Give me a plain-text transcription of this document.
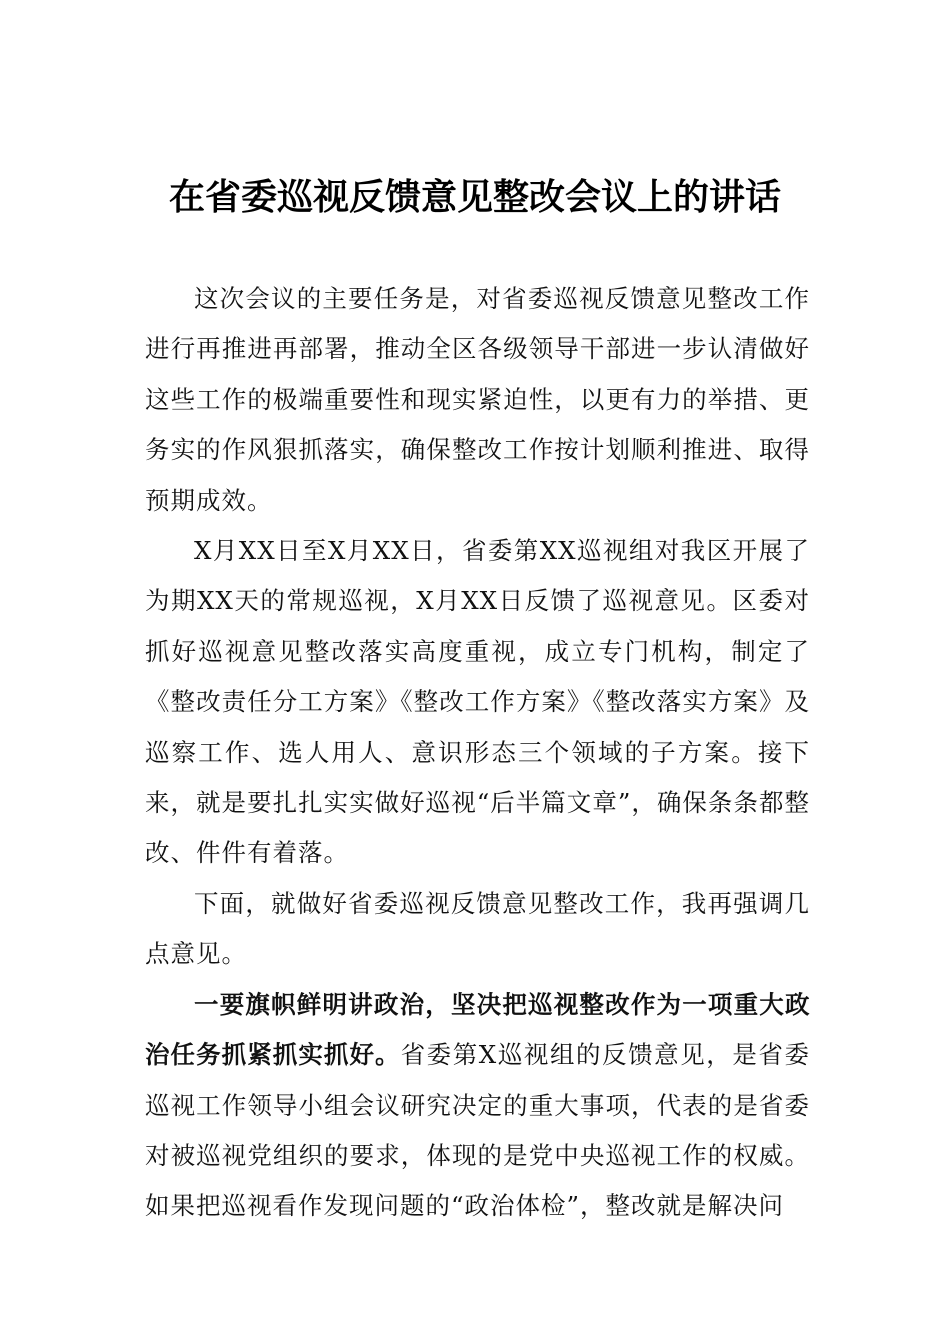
在省委巡视反馈意见整改会议上的讲话

这次会议的主要任务是，对省委巡视反馈意见整改工作进行再推进再部署，推动全区各级领导干部进一步认清做好这些工作的极端重要性和现实紧迫性，以更有力的举措、更务实的作风狠抓落实，确保整改工作按计划顺利推进、取得预期成效。

X月XX日至X月XX日，省委第XX巡视组对我区开展了为期XX天的常规巡视，X月XX日反馈了巡视意见。区委对抓好巡视意见整改落实高度重视，成立专门机构，制定了《整改责任分工方案》《整改工作方案》《整改落实方案》及巡察工作、选人用人、意识形态三个领域的子方案。接下来，就是要扎扎实实做好巡视“后半篇文章”，确保条条都整改、件件有着落。

下面，就做好省委巡视反馈意见整改工作，我再强调几点意见。

一要旗帜鲜明讲政治，坚决把巡视整改作为一项重大政治任务抓紧抓实抓好。省委第X巡视组的反馈意见，是省委巡视工作领导小组会议研究决定的重大事项，代表的是省委对被巡视党组织的要求，体现的是党中央巡视工作的权威。如果把巡视看作发现问题的“政治体检”，整改就是解决问
